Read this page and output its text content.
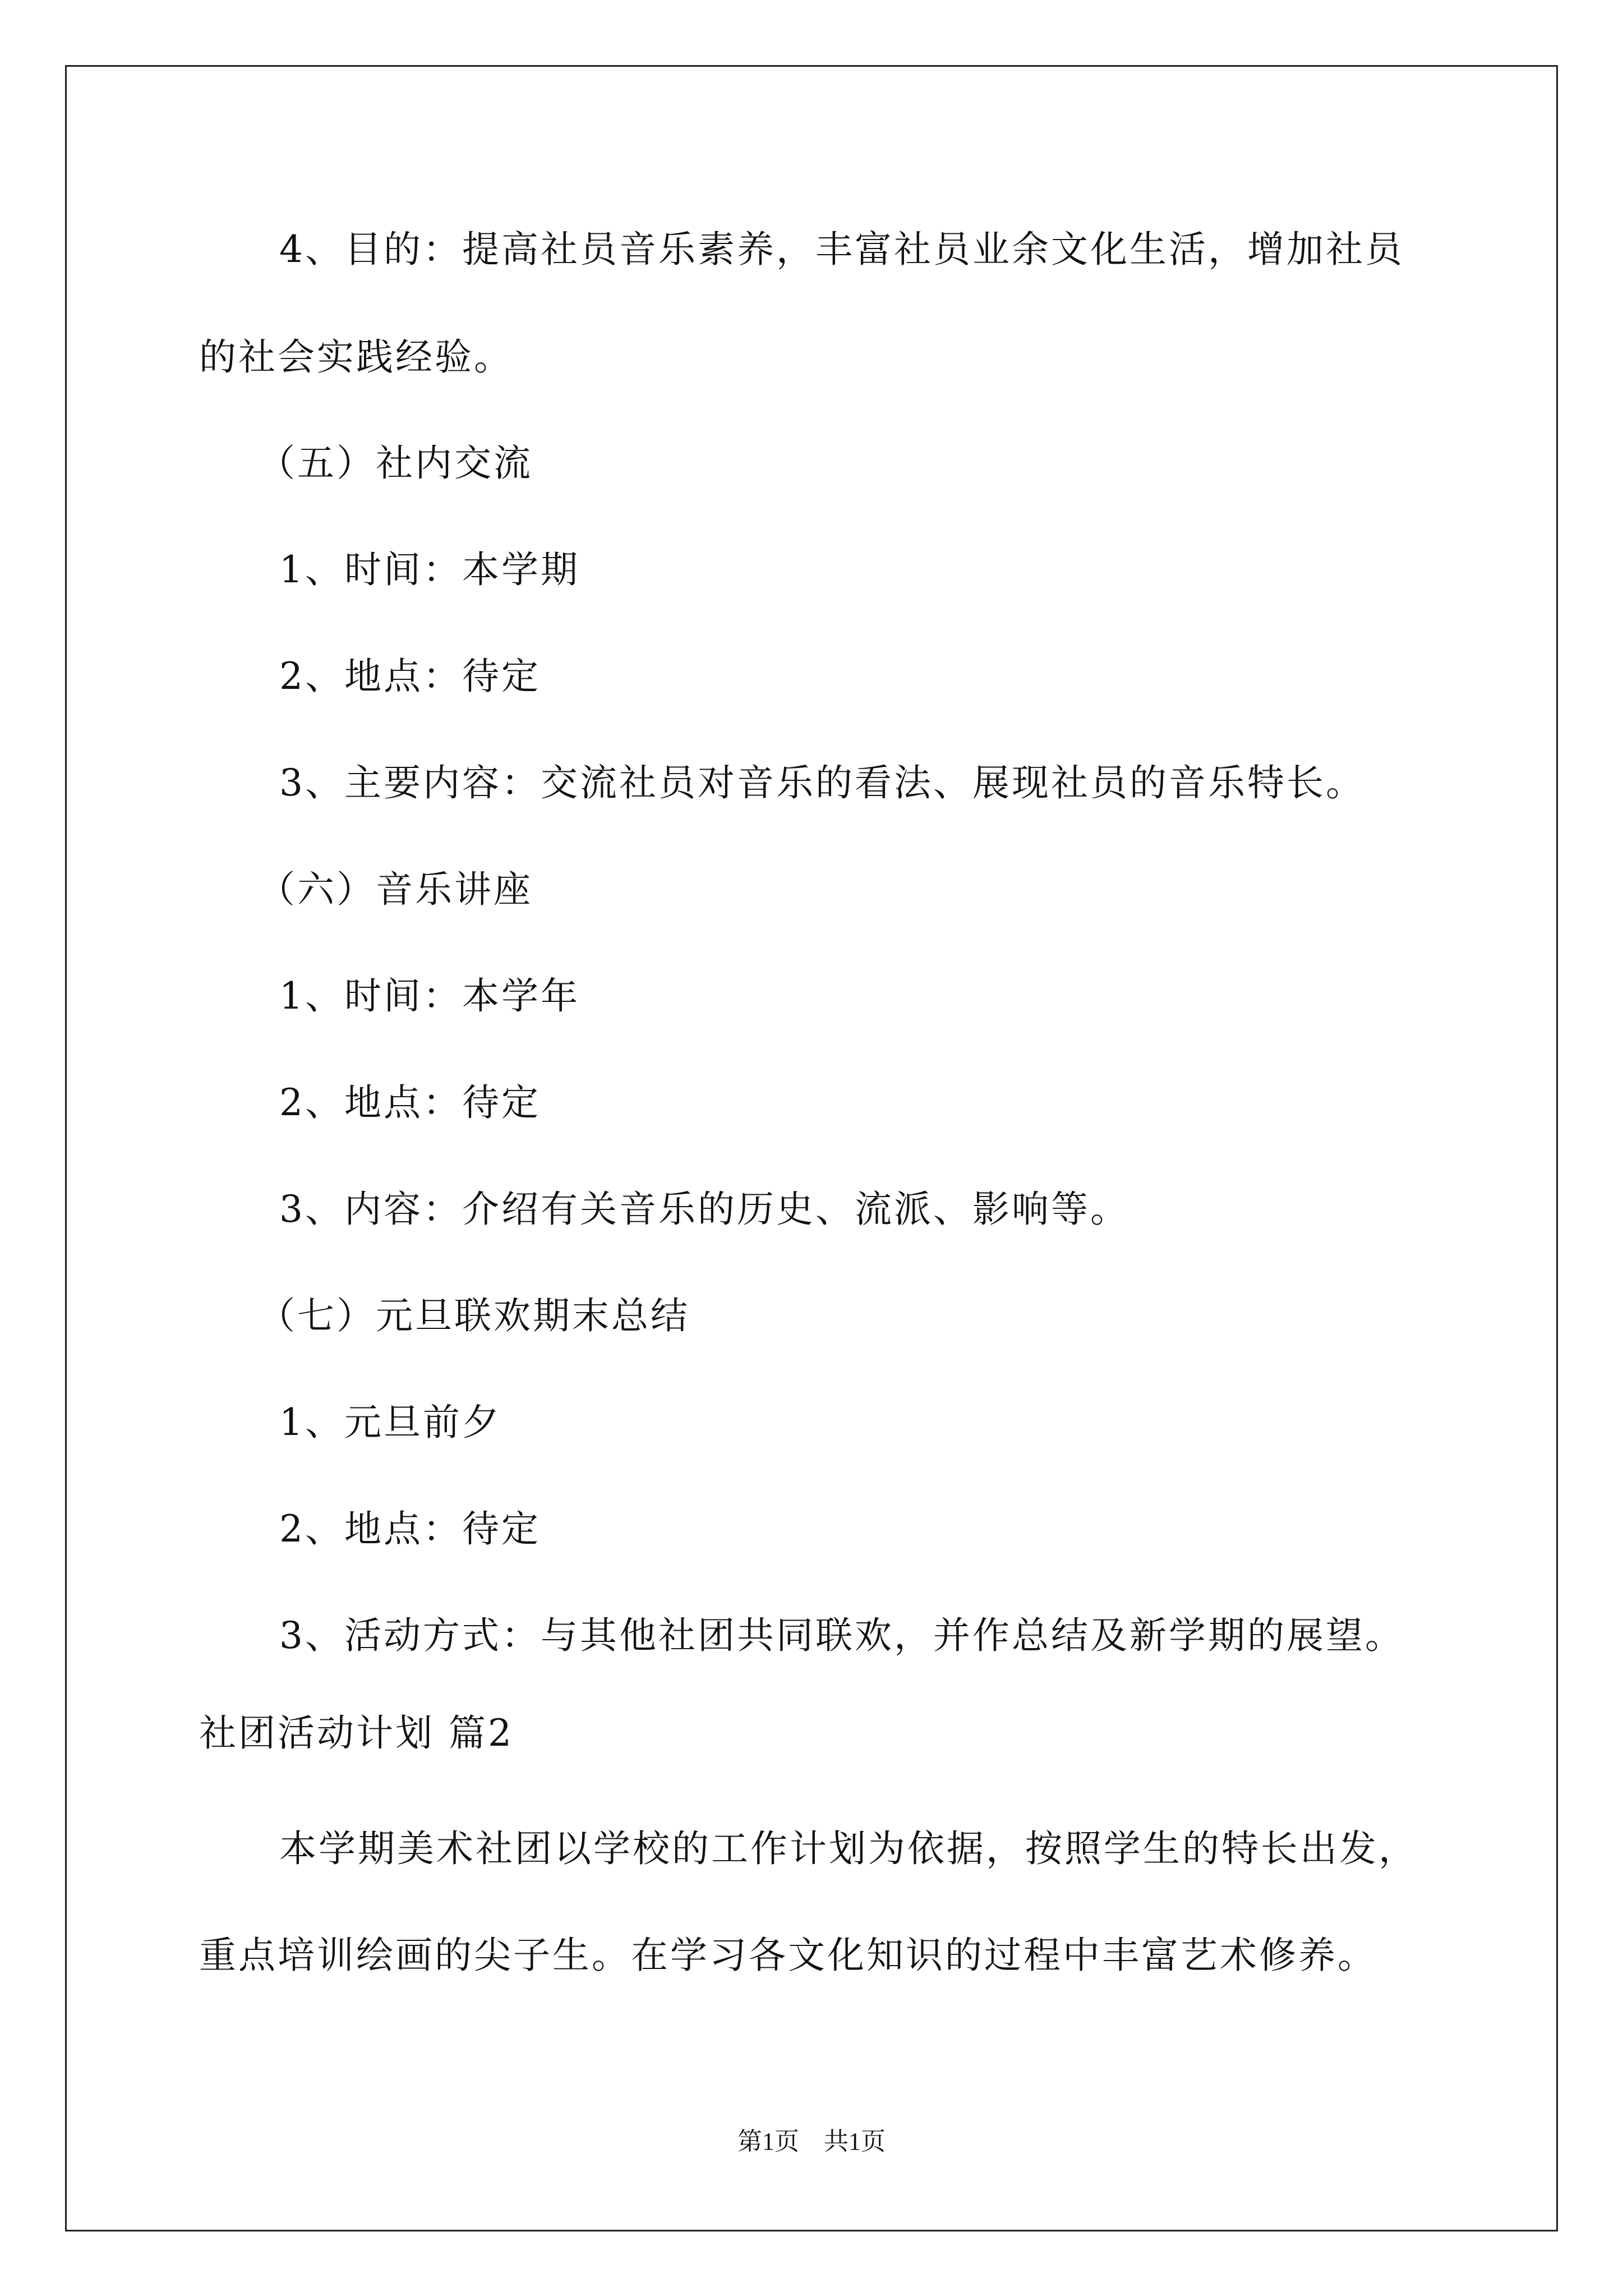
4、目的：提高社员音乐素养，丰富社员业余文化生活，增加社员
的社会实践经验。
（五）社内交流
1、时间：本学期
2、地点：待定
3、主要内容：交流社员对音乐的看法、展现社员的音乐特长。
（六）音乐讲座
1、时间：本学年
2、地点：待定
3、内容：介绍有关音乐的历史、流派、影响等。
（七）元旦联欢期末总结
1、元旦前夕
2、地点：待定
3、活动方式：与其他社团共同联欢，并作总结及新学期的展望。
社团活动计划 篇2
本学期美术社团以学校的工作计划为依据，按照学生的特长出发，
重点培训绘画的尖子生。在学习各文化知识的过程中丰富艺术修养。
第1页　共1页
